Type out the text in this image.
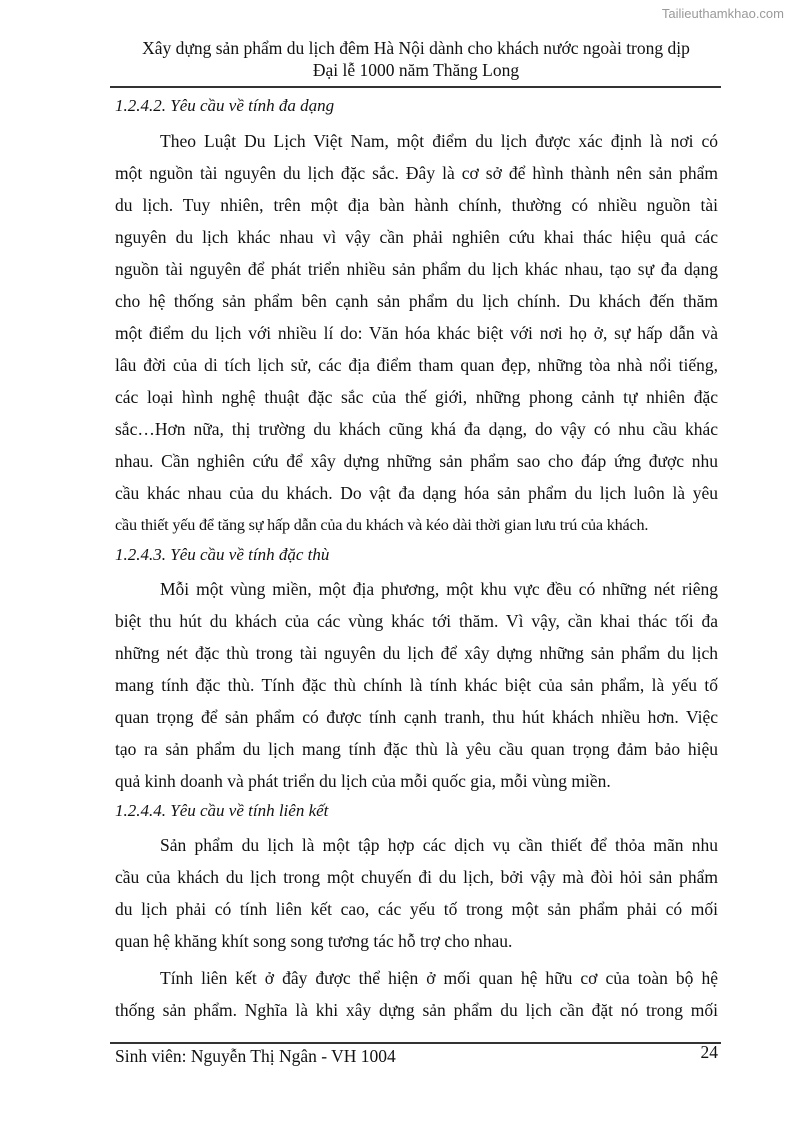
Tailieuthamkhao.com
Xây dựng sản phẩm du lịch đêm Hà Nội dành cho khách nước ngoài trong dịp
Đại lễ 1000 năm Thăng Long
1.2.4.2. Yêu cầu về tính đa dạng
Theo Luật Du Lịch Việt Nam, một điểm du lịch được xác định là nơi có
một nguồn tài nguyên du lịch đặc sắc. Đây là cơ sở để hình thành nên sản phẩm
du lịch. Tuy nhiên, trên một địa bàn hành chính, thường có nhiều nguồn tài
nguyên du lịch khác nhau vì vậy cần phải nghiên cứu khai thác hiệu quả các
nguồn tài nguyên để phát triển nhiều sản phẩm du lịch khác nhau, tạo sự đa dạng
cho hệ thống sản phẩm bên cạnh sản phẩm du lịch chính. Du khách đến thăm
một điểm du lịch với nhiều lí do: Văn hóa khác biệt với nơi họ ở, sự hấp dẫn và
lâu đời của di tích lịch sử, các địa điểm tham quan đẹp, những tòa nhà nổi tiếng,
các loại hình nghệ thuật đặc sắc của thế giới, những phong cảnh tự nhiên đặc
sắc…Hơn nữa, thị trường du khách cũng khá đa dạng, do vậy có nhu cầu khác
nhau. Cần nghiên cứu để xây dựng những sản phẩm sao cho đáp ứng được nhu
cầu khác nhau của du khách. Do vật đa dạng hóa sản phẩm du lịch luôn là yêu
cầu thiết yếu để tăng sự hấp dẫn của du khách và kéo dài thời gian lưu trú của khách.
1.2.4.3. Yêu cầu về tính đặc thù
Mỗi một vùng miền, một địa phương, một khu vực đều có những nét riêng
biệt thu hút du khách của các vùng khác tới thăm. Vì vậy, cần khai thác tối đa
những nét đặc thù trong tài nguyên du lịch để xây dựng những sản phẩm du lịch
mang tính đặc thù. Tính đặc thù chính là tính khác biệt của sản phẩm, là yếu tố
quan trọng để sản phẩm có được tính cạnh tranh, thu hút khách nhiều hơn. Việc
tạo ra sản phẩm du lịch mang tính đặc thù là yêu cầu quan trọng đảm bảo hiệu
quả kinh doanh và phát triển du lịch của mỗi quốc gia, mỗi vùng miền.
1.2.4.4. Yêu cầu về tính liên kết
Sản phẩm du lịch là một tập hợp các dịch vụ cần thiết để thỏa mãn nhu
cầu của khách du lịch trong một chuyến đi du lịch, bởi vậy mà đòi hỏi sản phẩm
du lịch phải có tính liên kết cao, các yếu tố trong một sản phẩm phải có mối
quan hệ khăng khít song song tương tác hỗ trợ cho nhau.
Tính liên kết ở đây được thể hiện ở mối quan hệ hữu cơ của toàn bộ hệ
thống sản phẩm. Nghĩa là khi xây dựng sản phẩm du lịch cần đặt nó trong mối
Sinh viên: Nguyễn Thị Ngân - VH 1004	24
